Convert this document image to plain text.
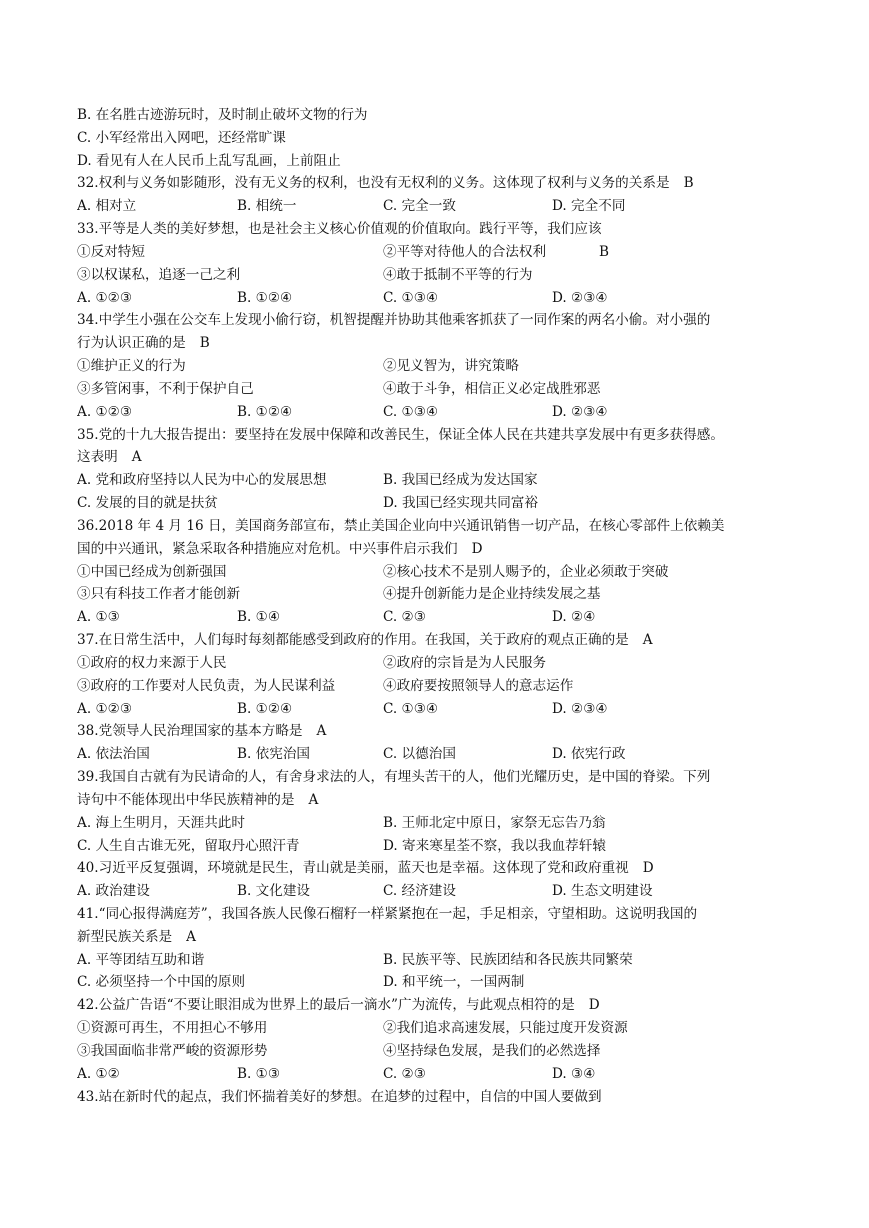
B. 在名胜古迹游玩时，及时制止破坏文物的行为
C. 小军经常出入网吧，还经常旷课
D. 看见有人在人民币上乱写乱画，上前阻止
32.权利与义务如影随形，没有无义务的权利，也没有无权利的义务。这体现了权利与义务的关系是 B
A. 相对立	B. 相统一	C. 完全一致	D. 完全不同
33.平等是人类的美好梦想，也是社会主义核心价值观的价值取向。践行平等，我们应该
①反对特短	②平等对待他人的合法权利	B
③以权谋私，追逐一己之利	④敢于抵制不平等的行为
A. ①②③	B. ①②④	C. ①③④	D. ②③④
34.中学生小强在公交车上发现小偷行窃，机智提醒并协助其他乘客抓获了一同作案的两名小偷。对小强的
行为认识正确的是 B
①维护正义的行为	②见义智为，讲究策略
③多管闲事，不利于保护自己	④敢于斗争，相信正义必定战胜邪恶
A. ①②③	B. ①②④	C. ①③④	D. ②③④
35.党的十九大报告提出：要坚持在发展中保障和改善民生，保证全体人民在共建共享发展中有更多获得感。
这表明 A
A. 党和政府坚持以人民为中心的发展思想	B. 我国已经成为发达国家
C. 发展的目的就是扶贫	D. 我国已经实现共同富裕
36.2018 年 4 月 16 日，美国商务部宣布，禁止美国企业向中兴通讯销售一切产品，在核心零部件上依赖美
国的中兴通讯，紧急采取各种措施应对危机。中兴事件启示我们 D
①中国已经成为创新强国	②核心技术不是别人赐予的，企业必须敢于突破
③只有科技工作者才能创新	④提升创新能力是企业持续发展之基
A. ①③	B. ①④	C. ②③	D. ②④
37.在日常生活中，人们每时每刻都能感受到政府的作用。在我国，关于政府的观点正确的是 A
①政府的权力来源于人民	②政府的宗旨是为人民服务
③政府的工作要对人民负责，为人民谋利益	④政府要按照领导人的意志运作
A. ①②③	B. ①②④	C. ①③④	D. ②③④
38.党领导人民治理国家的基本方略是 A
A. 依法治国	B. 依宪治国	C. 以德治国	D. 依宪行政
39.我国自古就有为民请命的人，有舍身求法的人，有埋头苦干的人，他们光耀历史，是中国的脊梁。下列
诗句中不能体现出中华民族精神的是 A
A. 海上生明月，天涯共此时	B. 王师北定中原日，家祭无忘告乃翁
C. 人生自古谁无死，留取丹心照汗青	D. 寄来寒星荃不察，我以我血荐轩辕
40.习近平反复强调，环境就是民生，青山就是美丽，蓝天也是幸福。这体现了党和政府重视 D
A. 政治建设	B. 文化建设	C. 经济建设	D. 生态文明建设
41.“同心报得满庭芳”，我国各族人民像石榴籽一样紧紧抱在一起，手足相亲，守望相助。这说明我国的
新型民族关系是 A
A. 平等团结互助和谐	B. 民族平等、民族团结和各民族共同繁荣
C. 必须坚持一个中国的原则	D. 和平统一，一国两制
42.公益广告语“不要让眼泪成为世界上的最后一滴水”广为流传，与此观点相符的是 D
①资源可再生，不用担心不够用	②我们追求高速发展，只能过度开发资源
③我国面临非常严峻的资源形势	④坚持绿色发展，是我们的必然选择
A. ①②	B. ①③	C. ②③	D. ③④
43.站在新时代的起点，我们怀揣着美好的梦想。在追梦的过程中，自信的中国人要做到
